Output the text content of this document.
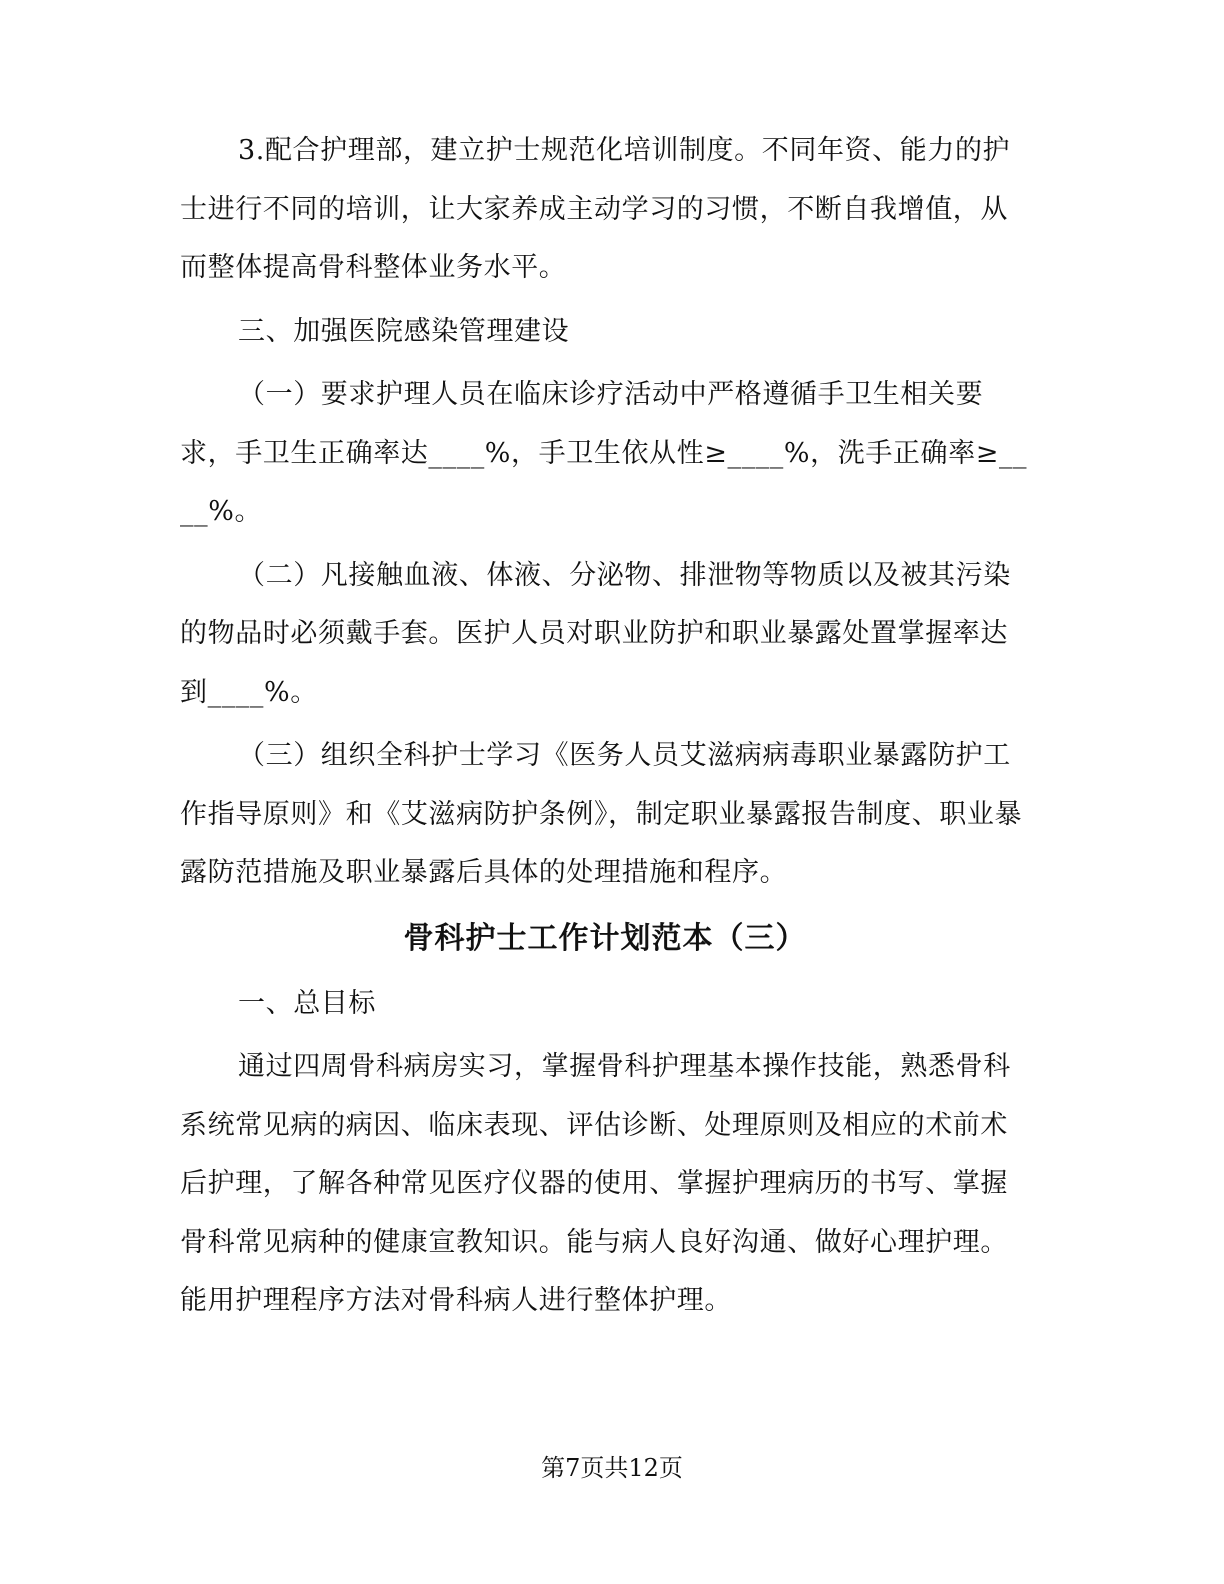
3.配合护理部，建立护士规范化培训制度。不同年资、能力的护士进行不同的培训，让大家养成主动学习的习惯，不断自我增值，从而整体提高骨科整体业务水平。

三、加强医院感染管理建设

（一）要求护理人员在临床诊疗活动中严格遵循手卫生相关要求，手卫生正确率达____%，手卫生依从性≥____%，洗手正确率≥____%。

（二）凡接触血液、体液、分泌物、排泄物等物质以及被其污染的物品时必须戴手套。医护人员对职业防护和职业暴露处置掌握率达到____%。

（三）组织全科护士学习《医务人员艾滋病病毒职业暴露防护工作指导原则》和《艾滋病防护条例》，制定职业暴露报告制度、职业暴露防范措施及职业暴露后具体的处理措施和程序。

骨科护士工作计划范本（三）

一、总目标

通过四周骨科病房实习，掌握骨科护理基本操作技能，熟悉骨科系统常见病的病因、临床表现、评估诊断、处理原则及相应的术前术后护理，了解各种常见医疗仪器的使用、掌握护理病历的书写、掌握骨科常见病种的健康宣教知识。能与病人良好沟通、做好心理护理。能用护理程序方法对骨科病人进行整体护理。

第7页共12页
